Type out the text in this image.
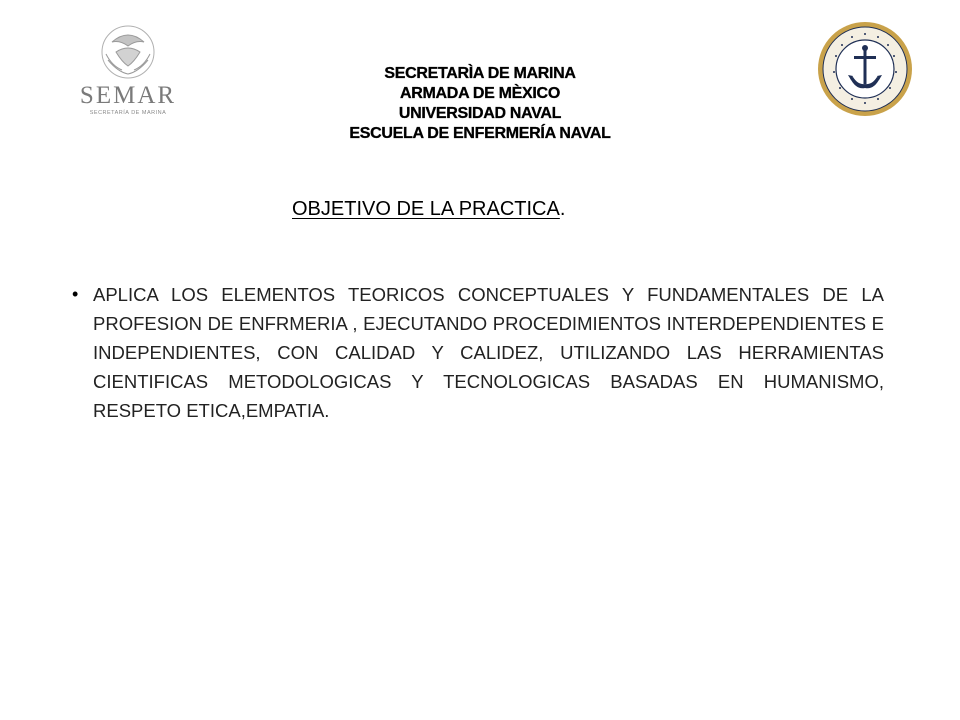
SEMAR
SECRETARÍA DE MARINA
SECRETARÌA DE MARINA
ARMADA DE MÈXICO
UNIVERSIDAD NAVAL
ESCUELA DE ENFERMERÍA NAVAL
OBJETIVO DE LA PRACTICA.
• APLICA LOS ELEMENTOS TEORICOS CONCEPTUALES Y FUNDAMENTALES DE LA PROFESION DE ENFRMERIA , EJECUTANDO PROCEDIMIENTOS INTERDEPENDIENTES E INDEPENDIENTES, CON CALIDAD Y CALIDEZ, UTILIZANDO LAS HERRAMIENTAS CIENTIFICAS METODOLOGICAS Y TECNOLOGICAS BASADAS EN HUMANISMO, RESPETO ETICA,EMPATIA.
